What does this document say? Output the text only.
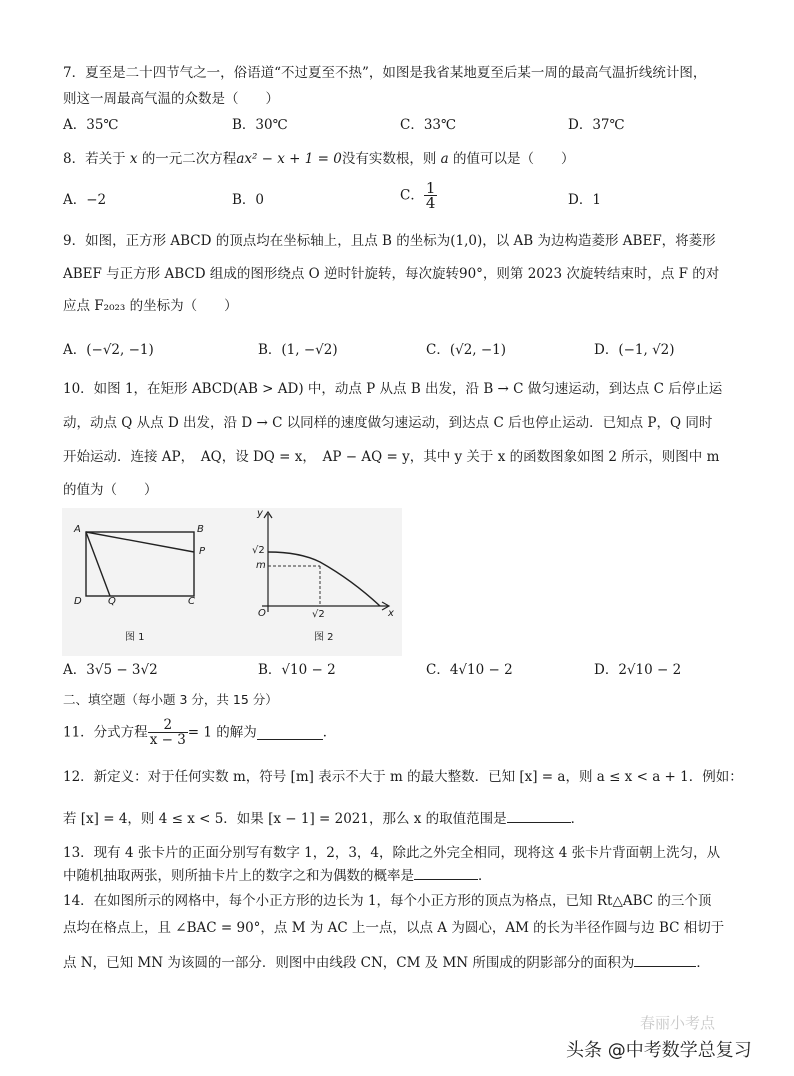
7．夏至是二十四节气之一，俗语道“不过夏至不热”，如图是我省某地夏至后某一周的最高气温折线统计图，
则这一周最高气温的众数是（　　）
A．35℃	B．30℃	C．33℃	D．37℃
8．若关于 x 的一元二次方程ax² − x + 1 = 0没有实数根，则 a 的值可以是（　　）
A．−2	B．0	C． $\frac{1}{4}$	D．1
9．如图，正方形 ABCD 的顶点均在坐标轴上，且点 B 的坐标为(1,0)，以 AB 为边构造菱形 ABEF，将菱形
ABEF 与正方形 ABCD 组成的图形绕点 O 逆时针旋转，每次旋转90°，则第 2023 次旋转结束时，点 F 的对
应点 F₂₀₂₃ 的坐标为（　　）
A．(−√2, −1)	B．(1, −√2)	C．(√2, −1)	D．(−1, √2)
10．如图 1，在矩形 ABCD(AB > AD) 中，动点 P 从点 B 出发，沿 B → C 做匀速运动，到达点 C 后停止运
动，动点 Q 从点 D 出发，沿 D → C 以同样的速度做匀速运动，到达点 C 后也停止运动．已知点 P，Q 同时
开始运动．连接 AP，　AQ，设 DQ = x，　AP − AQ = y，其中 y 关于 x 的函数图象如图 2 所示，则图中 m
的值为（　　）
A	B
P
D	Q	C
图 1
y
√2
m
O	√2	x
图 2
A．3√5 − 3√2	B．√10 − 2	C．4√10 − 2	D．2√10 − 2
二、填空题（每小题 3 分，共 15 分）
11．分式方程 $\frac{2}{x - 3} = 1$ 的解为	．
12．新定义：对于任何实数 m，符号 [m] 表示不大于 m 的最大整数．已知 [x] = a，则 a ≤ x < a + 1．例如：
若 [x] = 4，则 4 ≤ x < 5．如果 [x − 1] = 2021，那么 x 的取值范围是	．
13．现有 4 张卡片的正面分别写有数字 1，2，3，4，除此之外完全相同，现将这 4 张卡片背面朝上洗匀，从
中随机抽取两张，则所抽卡片上的数字之和为偶数的概率是	．
14．在如图所示的网格中，每个小正方形的边长为 1，每个小正方形的顶点为格点，已知 Rt△ABC 的三个顶
点均在格点上，且 ∠BAC = 90°，点 M 为 AC 上一点，以点 A 为圆心，AM 的长为半径作圆与边 BC 相切于
点 N，已知 MN 为该圆的一部分．则图中由线段 CN，CM 及 MN 所围成的阴影部分的面积为	．
春丽小考点
头条 @中考数学总复习
